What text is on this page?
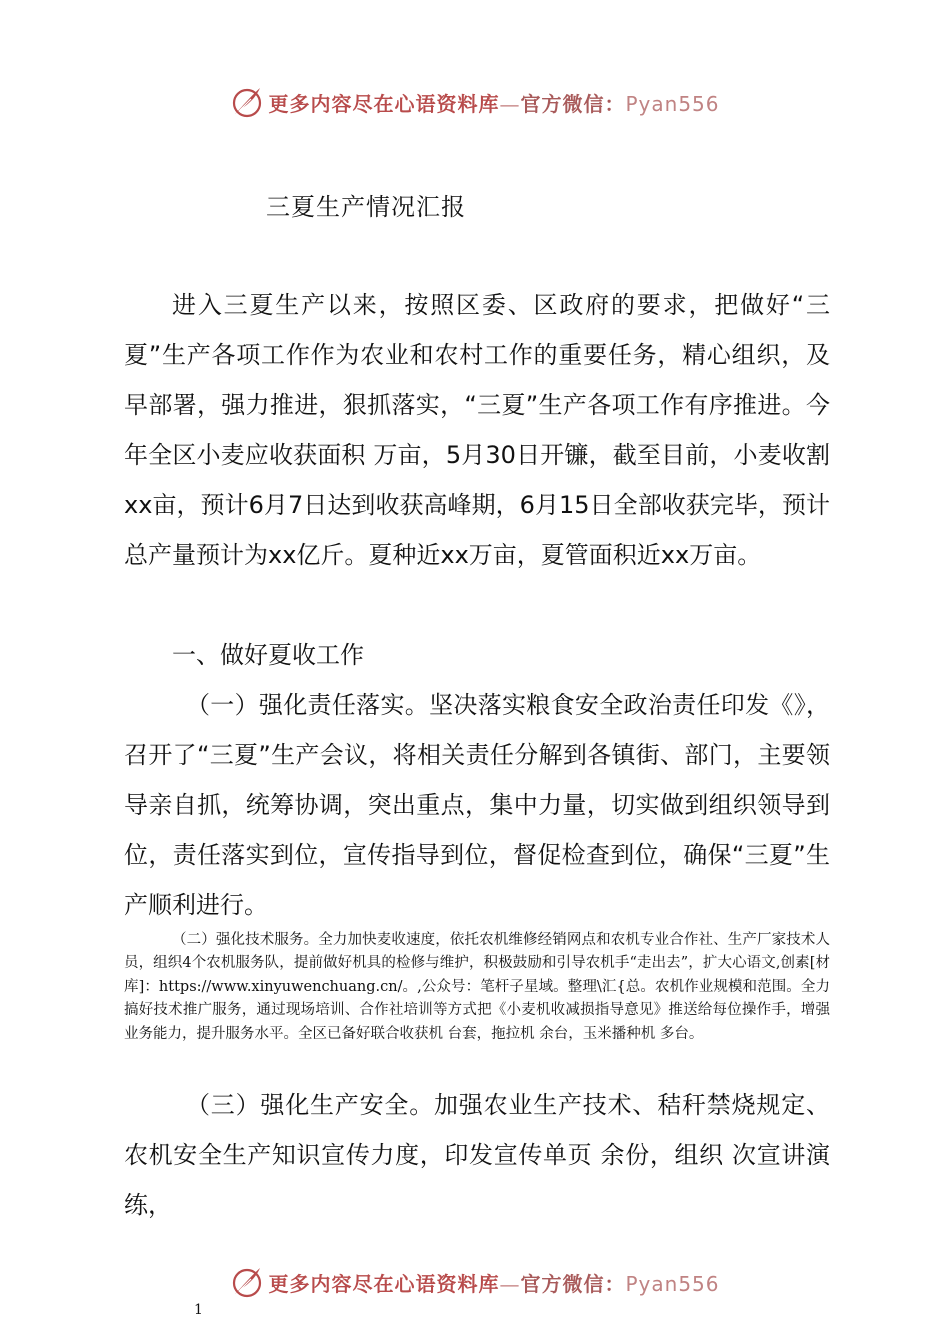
更多内容尽在心语资料库—官方微信：Pyan556
三夏生产情况汇报

进入三夏生产以来，按照区委、区政府的要求，把做好“三夏”生产各项工作作为农业和农村工作的重要任务，精心组织，及早部署，强力推进，狠抓落实，“三夏”生产各项工作有序推进。今年全区小麦应收获面积 万亩，5月30日开镰，截至目前，小麦收割xx亩，预计6月7日达到收获高峰期，6月15日全部收获完毕，预计总产量预计为xx亿斤。夏种近xx万亩，夏管面积近xx万亩。

一、做好夏收工作

（一）强化责任落实。坚决落实粮食安全政治责任印发《》，召开了“三夏”生产会议，将相关责任分解到各镇街、部门，主要领导亲自抓，统筹协调，突出重点，集中力量，切实做到组织领导到位，责任落实到位，宣传指导到位，督促检查到位，确保“三夏”生产顺利进行。

（二）强化技术服务。全力加快麦收速度，依托农机维修经销网点和农机专业合作社、生产厂家技术人员，组织4个农机服务队，提前做好机具的检修与维护，积极鼓励和引导农机手“走出去”，扩大心语文,创素[材库]：https://www.xinyuwenchuang.cn/。,公众号：笔杆子星域。整理\汇{总。农机作业规模和范围。全力搞好技术推广服务，通过现场培训、合作社培训等方式把《小麦机收减损指导意见》推送给每位操作手，增强业务能力，提升服务水平。全区已备好联合收获机 台套，拖拉机 余台，玉米播种机 多台。

（三）强化生产安全。加强农业生产技术、秸秆禁烧规定、农机安全生产知识宣传力度，印发宣传单页 余份，组织 次宣讲演练，

更多内容尽在心语资料库—官方微信：Pyan556
1
